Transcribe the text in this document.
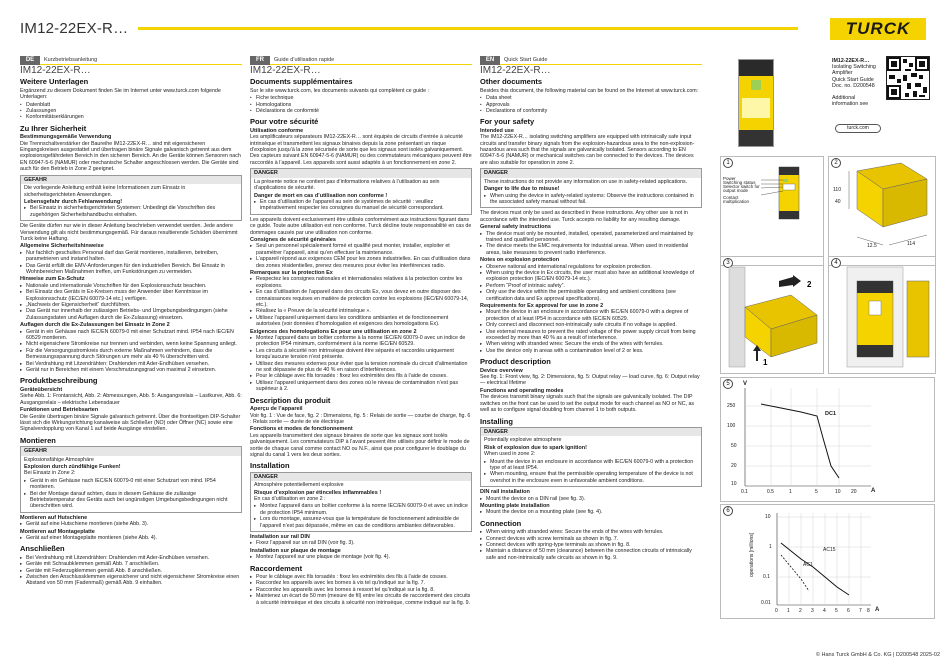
IM12-22EX-R…	TURCK
DE	Kurzbetriebsanleitung
IM12-22EX-R…
Weitere Unterlagen

Ergänzend zu diesem Dokument finden Sie im Internet unter www.turck.com folgende Unterlagen:

• Datenblatt
• Zulassungen
• Konformitätserklärungen
Zu Ihrer Sicherheit
Bestimmungsgemäße Verwendung

Die Trennschaltverstärker der Baureihe IM12-22EX-R… sind mit eigensicheren Eingangskreisen ausgestattet und übertragen binäre Signale galvanisch getrennt aus dem explosionsgefährdeten Bereich in den sicheren Bereich. An die Geräte können Sensoren nach EN 60947-5-6 (NAMUR) oder mechanische Schalter angeschlossen werden. Die Geräte sind auch für den Betrieb in Zone 2 geeignet.

GEFAHR

Die vorliegende Anleitung enthält keine Informationen zum Einsatz in sicherheitsgerichteten Anwendungen.

Lebensgefahr durch Fehlanwendung!
▸ Bei Einsatz in sicherheitsgerichteten Systemen: Unbedingt die Vorschriften des zugehörigen Sicherheitshandbuchs einhalten.

Die Geräte dürfen nur wie in dieser Anleitung beschrieben verwendet werden. Jede andere Verwendung gilt als nicht bestimmungsgemäß. Für daraus resultierende Schäden übernimmt Turck keine Haftung.

Allgemeine Sicherheitshinweise
▸ Nur fachlich geschultes Personal darf das Gerät montieren, installieren, betreiben, parametrieren und instand halten.
▸ Das Gerät erfüllt die EMV-Anforderungen für den industriellen Bereich. Bei Einsatz in Wohnbereichen Maßnahmen treffen, um Funkstörungen zu vermeiden.
Hinweise zum Ex-Schutz
▸ Nationale und internationale Vorschriften für den Explosionsschutz beachten.
▸ Bei Einsatz des Geräts in Ex-Kreisen muss der Anwender über Kenntnisse im Explosionsschutz (IEC/EN 60079-14 etc.) verfügen.
▸ „Nachweis der Eigensicherheit“ durchführen.
▸ Das Gerät nur innerhalb der zulässigen Betriebs- und Umgebungsbedingungen (siehe Zulassungsdaten und Auflagen durch die Ex-Zulassung) einsetzen.
Auflagen durch die Ex-Zulassungen bei Einsatz in Zone 2
▸ Gerät in ein Gehäuse nach IEC/EN 60079-0 mit einer Schutzart mind. IP54 nach IEC/EN 60529 montieren.
▸ Nicht eigensichere Stromkreise nur trennen und verbinden, wenn keine Spannung anliegt.
▸ Für die Versorgungsstromkreis durch externe Maßnahmen verhindern, dass die Bemessungsspannung durch Störungen um mehr als 40 % überschritten wird.
▸ Bei Verdrahtung mit Litzendrähten: Drahtenden mit Ader-Endhülsen versehen.
▸ Gerät nur in Bereichen mit einem Verschmutzungsgrad von maximal 2 einsetzen.
Produktbeschreibung
Geräteübersicht

Siehe Abb. 1: Frontansicht, Abb. 2: Abmessungen, Abb. 5: Ausgangsrelais – Lastkurve, Abb. 6: Ausgangsrelais – elektrische Lebensdauer

Funktionen und Betriebsarten

Die Geräte übertragen binäre Signale galvanisch getrennt. Über die frontseitigen DIP-Schalter lässt sich die Wirkungsrichtung kanalweise als Schließer (NO) oder Öffner (NC) sowie eine Signalverdopplung von Kanal 1 auf beide Ausgänge einstellen.

Montieren
GEFAHR

Explosionsfähige Atmosphäre

Explosion durch zündfähige Funken!

Bei Einsatz in Zone 2:

▸ Gerät in ein Gehäuse nach IEC/EN 60079-0 mit einer Schutzart von mind. IP54 montieren.
▸ Bei der Montage darauf achten, dass in diesem Gehäuse die zulässige Betriebstemperatur des Geräts auch bei ungünstigen Umgebungsbedingungen nicht überschritten wird.
Montieren auf Hutschiene
▸ Gerät auf eine Hutschiene montieren (siehe Abb. 3).
Montieren auf Montageplatte
▸ Gerät auf einer Montageplatte montieren (siehe Abb. 4).
Anschließen
▸ Bei Verdrahtung mit Litzendrähten: Drahtenden mit Ader-Endhülsen versehen.
▸ Geräte mit Schraubklemmen gemäß Abb. 7 anschließen.
▸ Geräte mit Federzugklemmen gemäß Abb. 8 anschließen.
▸ Zwischen den Anschlussklemmen eigensicherer und nicht eigensicherer Stromkreise einen Abstand von 50 mm (Fadenmaß) gemäß Abb. 9 einhalten.
FR	Guide d’utilisation rapide
IM12-22EX-R…
Documents supplémentaires

Sur le site www.turck.com, les documents suivants qui complètent ce guide :

• Fiche technique
• Homologations
• Déclarations de conformité
Pour votre sécurité
Utilisation conforme

Les amplificateurs séparateurs IM12-22EX-R… sont équipés de circuits d’entrée à sécurité intrinsèque et transmettent les signaux binaires depuis la zone présentant un risque d’explosion jusqu’à la zone sécurisée de sorte que les signaux sont isolés galvaniquement. Des capteurs suivant EN 60947-5-6 (NAMUR) ou des commutateurs mécaniques peuvent être raccordés à l’appareil. Les appareils sont aussi adaptés à un fonctionnement en zone 2.

DANGER

La présente notice ne contient pas d’informations relatives à l’utilisation au sein d’applications de sécurité.

Danger de mort en cas d’utilisation non conforme !
▸ En cas d’utilisation de l’appareil au sein de systèmes de sécurité : veuillez impérativement respecter les consignes du manuel de sécurité correspondant.

Les appareils doivent exclusivement être utilisés conformément aux instructions figurant dans ce guide. Toute autre utilisation est non conforme. Turck décline toute responsabilité en cas de dommages causés par une utilisation non conforme.

Consignes de sécurité générales
▸ Seul un personnel spécialement formé et qualifié peut monter, installer, exploiter et paramétrer l’appareil, ainsi qu’en effectuer la maintenance.
▸ L’appareil répond aux exigences CEM pour les zones industrielles. En cas d’utilisation dans des zones résidentielles, prenez des mesures pour éviter les interférences radio.
Remarques sur la protection Ex
▸ Respectez les consignes nationales et internationales relatives à la protection contre les explosions.
▸ En cas d’utilisation de l’appareil dans des circuits Ex, vous devez en outre disposer des connaissances requises en matière de protection contre les explosions (IEC/EN 60079-14, etc.).
▸ Réalisez la « Preuve de la sécurité intrinsèque ».
▸ Utilisez l’appareil uniquement dans les conditions ambiantes et de fonctionnement autorisées (voir données d’homologation et exigences des homologations Ex).
Exigences des homologations Ex pour une utilisation en zone 2
▸ Montez l’appareil dans un boîtier conforme à la norme IEC/EN 60079-0 avec un indice de protection IP54 minimum, conformément à la norme IEC/EN 60529.
▸ Les circuits à sécurité non intrinsèque doivent être séparés et raccordés uniquement lorsqu’aucune tension n’est présente.
▸ Utilisez des mesures externes pour éviter que la tension nominale du circuit d’alimentation ne soit dépassée de plus de 40 % en raison d’interférences.
▸ Pour le câblage avec fils torsadés : fixez les extrémités des fils à l’aide de cosses.
▸ Utilisez l’appareil uniquement dans des zones où le niveau de contamination n’est pas supérieur à 2.
Description du produit
Aperçu de l’appareil

Voir fig. 1 : Vue de face, fig. 2 : Dimensions, fig. 5 : Relais de sortie — courbe de charge, fig. 6 : Relais sortie — durée de vie électrique

Fonctions et modes de fonctionnement

Les appareils transmettent des signaux binaires de sorte que les signaux sont isolés galvaniquement. Les commutateurs DIP à l’avant peuvent être utilisés pour définir le mode de sortie de chaque canal comme contact NO ou N.F., ainsi que pour configurer le doublage du signal du canal 1 vers les deux sorties.

Installation
DANGER

Atmosphère potentiellement explosive

Risque d’explosion par étincelles inflammables !

En cas d’utilisation en zone 2 :

▸ Montez l’appareil dans un boîtier conforme à la norme IEC/EN 60079-0 et avec un indice de protection IP54 minimum.
▸ Lors du montage, assurez-vous que la température de fonctionnement admissible de l’appareil n’est pas dépassée, même en cas de conditions ambiantes défavorables.
Installation sur rail DIN
▸ Fixez l’appareil sur un rail DIN (voir fig. 3).
Installation sur plaque de montage
▸ Montez l’appareil sur une plaque de montage (voir fig. 4).
Raccordement
▸ Pour le câblage avec fils torsadés : fixez les extrémités des fils à l’aide de cosses.
▸ Raccordez les appareils avec les bornes à vis tel qu’indiqué sur la fig. 7.
▸ Raccordez les appareils avec les bornes à ressort tel qu’indiqué sur la fig. 8.
▸ Maintenez un écart de 50 mm (mesure de fil) entre les circuits de raccordement des circuits à sécurité intrinsèque et des circuits à sécurité non intrinsèque, comme indiqué sur la fig. 9.
EN	Quick Start Guide
IM12-22EX-R…
Other documents

Besides this document, the following material can be found on the Internet at www.turck.com:

• Data sheet
• Approvals
• Declarations of conformity
For your safety
Intended use

The IM12-22EX-R… isolating switching amplifiers are equipped with intrinsically safe input circuits and transfer binary signals from the explosion-hazardous area to the non-explosion-hazardous area such that the signals are galvanically isolated. Sensors according to EN 60947-5-6 (NAMUR) or mechanical switches can be connected to the devices. The devices are also suitable for operation in zone 2.

DANGER

These instructions do not provide any information on use in safety-related applications.

Danger to life due to misuse!
▸ When using the device in safety-related systems: Observe the instructions contained in the associated safety manual without fail.

The devices must only be used as described in these instructions. Any other use is not in accordance with the intended use. Turck accepts no liability for any resulting damage.

General safety instructions
▸ The device must only be mounted, installed, operated, parameterized and maintained by trained and qualified personnel.
▸ The device meets the EMC requirements for industrial areas. When used in residential areas, take measures to prevent radio interference.
Notes on explosion protection
▸ Observe national and international regulations for explosion protection.
▸ When using the device in Ex circuits, the user must also have an additional knowledge of explosion protection (IEC/EN 60079-14 etc.).
▸ Perform “Proof of intrinsic safety”.
▸ Only use the device within the permissible operating and ambient conditions (see certification data and Ex approval specifications).
Requirements for Ex approval for use in zone 2
▸ Mount the device in an enclosure in accordance with IEC/EN 60079-0 with a degree of protection of at least IP54 in accordance with IEC/EN 60529.
▸ Only connect and disconnect non-intrinsically safe circuits if no voltage is applied.
▸ Use external measures to prevent the rated voltage of the power supply circuit from being exceeded by more than 40 % as a result of interference.
▸ When wiring with stranded wires: Secure the ends of the wires with ferrules.
▸ Use the device only in areas with a contamination level of 2 or less.
Product description
Device overview

See fig. 1: Front view, fig. 2: Dimensions, fig. 5: Output relay — load curve, fig. 6: Output relay — electrical lifetime

Functions and operating modes

The devices transmit binary signals such that the signals are galvanically isolated. The DIP switches on the front can be used to set the output mode for each channel as NO or NC, as well as to configure signal doubling from channel 1 to both outputs.

Installing
DANGER

Potentially explosive atmosphere

Risk of explosion due to spark ignition!

When used in zone 2:

▸ Mount the device in an enclosure in accordance with IEC/EN 60079-0 with a protection type of at least IP54.
▸ When mounting, ensure that the permissible operating temperature of the device is not overshot in the enclosure even in unfavorable ambient conditions.
DIN rail installation
▸ Mount the device on a DIN rail (see fig. 3).
Mounting plate installation
▸ Mount the device on a mounting plate (see fig. 4).
Connection
▸ When wiring with stranded wires: Secure the ends of the wires with ferrules.
▸ Connect devices with screw terminals as shown in fig. 7.
▸ Connect devices with spring-type terminals as shown in fig. 8.
▸ Maintain a distance of 50 mm (clearance) between the connection circuits of intrinsically safe and non-intrinsically safe circuits as shown in fig. 9.
IM12-22EX-R…
Isolating Switching Amplifier
Quick Start Guide
Doc. no. D200548
Additional
information see
turck.com
1
Power
Switching status
Selector switch for
output mode
Contact multiplication
2
110
40
12.5	114
3
2
1
4
5	V
DC1
250
100
50
20
10
0.1	0.5	1	5	10 20 A
6
operations [millions]
10
1
0.1
0.01
AC15
AC1
0 1 2 3 4 5 6 7 8 A
© Hans Turck GmbH & Co. KG | D200548 2025-02
